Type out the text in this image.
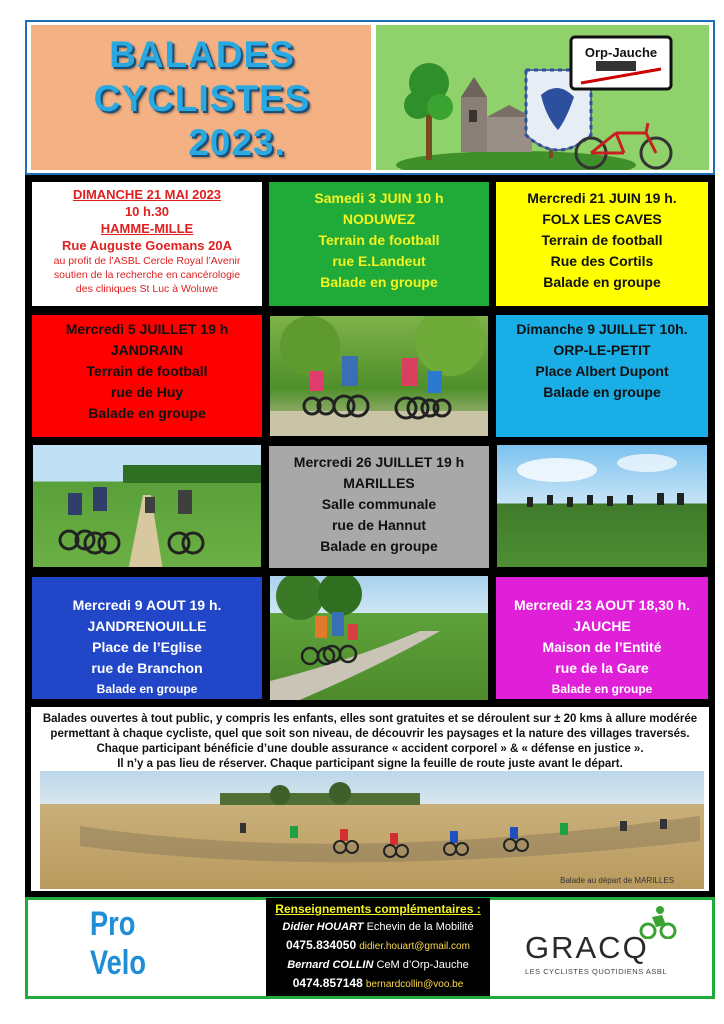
BALADES
CYCLISTES
2023.
Orp-Jauche
DIMANCHE 21 MAI 2023
10 h.30
HAMME-MILLE
Rue Auguste Goemans 20A
au profit de l’ASBL Cercle Royal l’Avenir
soutien de la recherche en cancérologie
des cliniques St Luc à Woluwe
Samedi 3 JUIN 10 h
NODUWEZ
Terrain de football
rue E.Landeut
Balade en groupe
Mercredi 21 JUIN 19 h.
FOLX LES CAVES
Terrain de football
Rue des Cortils
Balade en groupe
Mercredi 5 JUILLET 19 h
JANDRAIN
Terrain de football
rue de Huy
Balade en groupe
Dimanche 9 JUILLET 10h.
ORP-LE-PETIT
Place Albert Dupont
Balade en groupe
Mercredi 26 JUILLET 19 h
MARILLES
Salle communale
rue de Hannut
Balade en groupe
Mercredi 9 AOUT 19 h.
JANDRENOUILLE
Place de l’Eglise
rue de Branchon
Balade en groupe
Mercredi 23 AOUT 18,30 h.
JAUCHE
Maison de l’Entité
rue de la Gare
Balade en groupe
Balades ouvertes à tout public, y compris les enfants, elles sont gratuites et se déroulent sur ± 20 kms à allure modérée
permettant à chaque cycliste, quel que soit son niveau, de découvrir les paysages et la nature des villages traversés.
Chaque participant bénéficie d’une double assurance « accident corporel » & « défense en justice ».
Il n’y a pas lieu de réserver. Chaque participant signe la feuille de route juste avant le départ.
Balade au départ de MARILLES
Pro Velo
Renseignements complémentaires :
Didier HOUART Echevin de la Mobilité
0475.834050 didier.houart@gmail.com
Bernard COLLIN CeM d’Orp-Jauche
0474.857148 bernardcollin@voo.be
GRACQ
LES CYCLISTES QUOTIDIENS ASBL
